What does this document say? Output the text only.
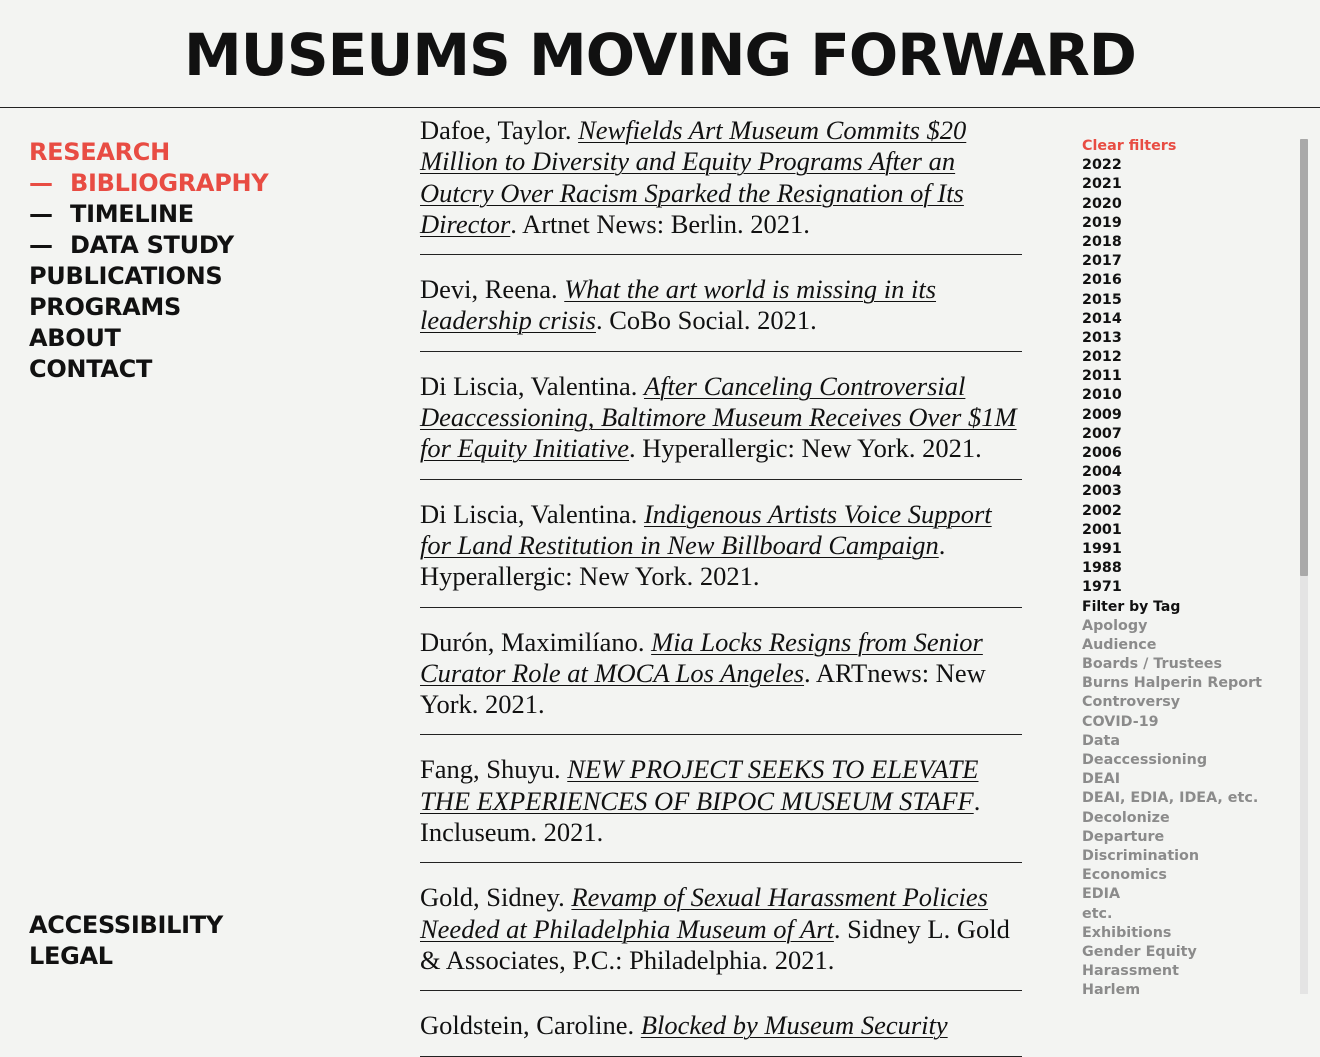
MUSEUMS MOVING FORWARD
RESEARCH
— BIBLIOGRAPHY
— TIMELINE
— DATA STUDY
PUBLICATIONS
PROGRAMS
ABOUT
CONTACT
ACCESSIBILITY
LEGAL
Dafoe, Taylor. Newfields Art Museum Commits $20 Million to Diversity and Equity Programs After an Outcry Over Racism Sparked the Resignation of Its Director. Artnet News: Berlin. 2021.
Devi, Reena. What the art world is missing in its leadership crisis. CoBo Social. 2021.
Di Liscia, Valentina. After Canceling Controversial Deaccessioning, Baltimore Museum Receives Over $1M for Equity Initiative. Hyperallergic: New York. 2021.
Di Liscia, Valentina. Indigenous Artists Voice Support for Land Restitution in New Billboard Campaign. Hyperallergic: New York. 2021.
Durón, Maximilíano. Mia Locks Resigns from Senior Curator Role at MOCA Los Angeles. ARTnews: New York. 2021.
Fang, Shuyu. NEW PROJECT SEEKS TO ELEVATE THE EXPERIENCES OF BIPOC MUSEUM STAFF. Incluseum. 2021.
Gold, Sidney. Revamp of Sexual Harassment Policies Needed at Philadelphia Museum of Art. Sidney L. Gold & Associates, P.C.: Philadelphia. 2021.
Goldstein, Caroline. Blocked by Museum Security
Clear filters
2022
2021
2020
2019
2018
2017
2016
2015
2014
2013
2012
2011
2010
2009
2007
2006
2004
2003
2002
2001
1991
1988
1971
Filter by Tag
Apology
Audience
Boards / Trustees
Burns Halperin Report
Controversy
COVID-19
Data
Deaccessioning
DEAI
DEAI, EDIA, IDEA, etc.
Decolonize
Departure
Discrimination
Economics
EDIA
etc.
Exhibitions
Gender Equity
Harassment
Harlem
